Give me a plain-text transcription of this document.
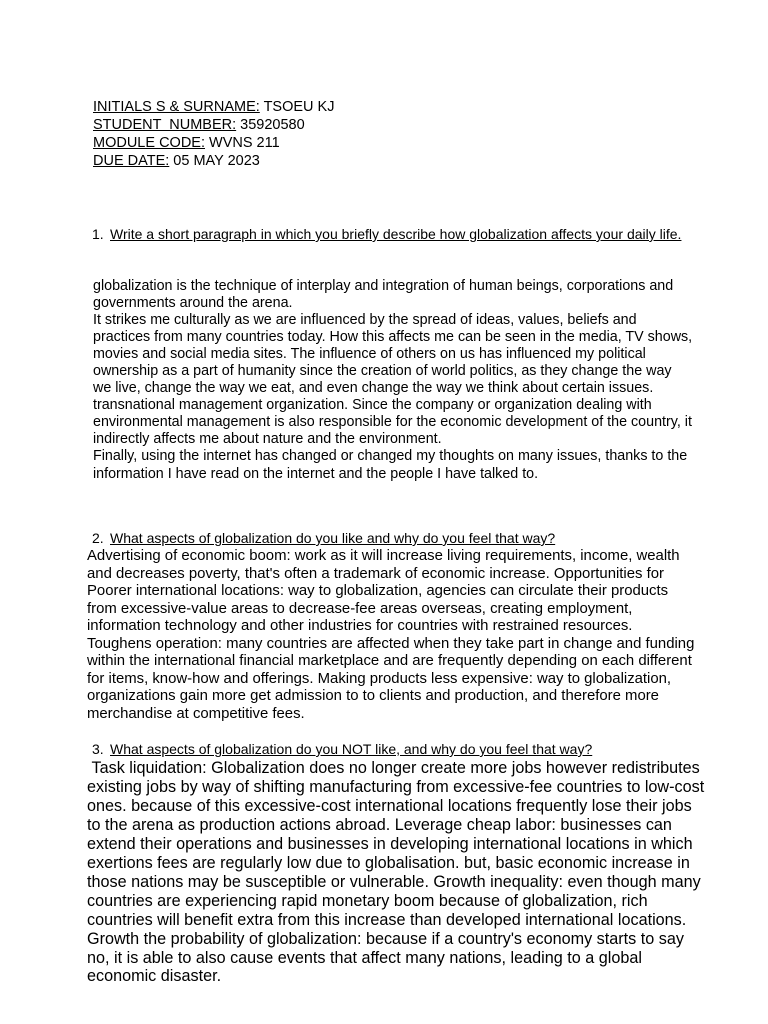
INITIALS S & SURNAME: TSOEU KJ
STUDENT  NUMBER: 35920580
MODULE CODE: WVNS 211
DUE DATE: 05 MAY 2023
1. Write a short paragraph in which you briefly describe how globalization affects your daily life.

globalization is the technique of interplay and integration of human beings, corporations and governments around the arena.

It strikes me culturally as we are influenced by the spread of ideas, values, beliefs and practices from many countries today. How this affects me can be seen in the media, TV shows, movies and social media sites. The influence of others on us has influenced my political ownership as a part of humanity since the creation of world politics, as they change the way we live, change the way we eat, and even change the way we think about certain issues. transnational management organization. Since the company or organization dealing with environmental management is also responsible for the economic development of the country, it indirectly affects me about nature and the environment.

Finally, using the internet has changed or changed my thoughts on many issues, thanks to the information I have read on the internet and the people I have talked to.

2. What aspects of globalization do you like and why do you feel that way?

Advertising of economic boom: work as it will increase living requirements, income, wealth and decreases poverty, that's often a trademark of economic increase. Opportunities for Poorer international locations: way to globalization, agencies can circulate their products from excessive-value areas to decrease-fee areas overseas, creating employment, information technology and other industries for countries with restrained resources. Toughens operation: many countries are affected when they take part in change and funding within the international financial marketplace and are frequently depending on each different for items, know-how and offerings. Making products less expensive: way to globalization, organizations gain more get admission to to clients and production, and therefore more merchandise at competitive fees.

3. What aspects of globalization do you NOT like, and why do you feel that way?

Task liquidation: Globalization does no longer create more jobs however redistributes existing jobs by way of shifting manufacturing from excessive-fee countries to low-cost ones. because of this excessive-cost international locations frequently lose their jobs to the arena as production actions abroad. Leverage cheap labor: businesses can extend their operations and businesses in developing international locations in which exertions fees are regularly low due to globalisation. but, basic economic increase in those nations may be susceptible or vulnerable. Growth inequality: even though many countries are experiencing rapid monetary boom because of globalization, rich countries will benefit extra from this increase than developed international locations. Growth the probability of globalization: because if a country's economy starts to say no, it is able to also cause events that affect many nations, leading to a global economic disaster.
